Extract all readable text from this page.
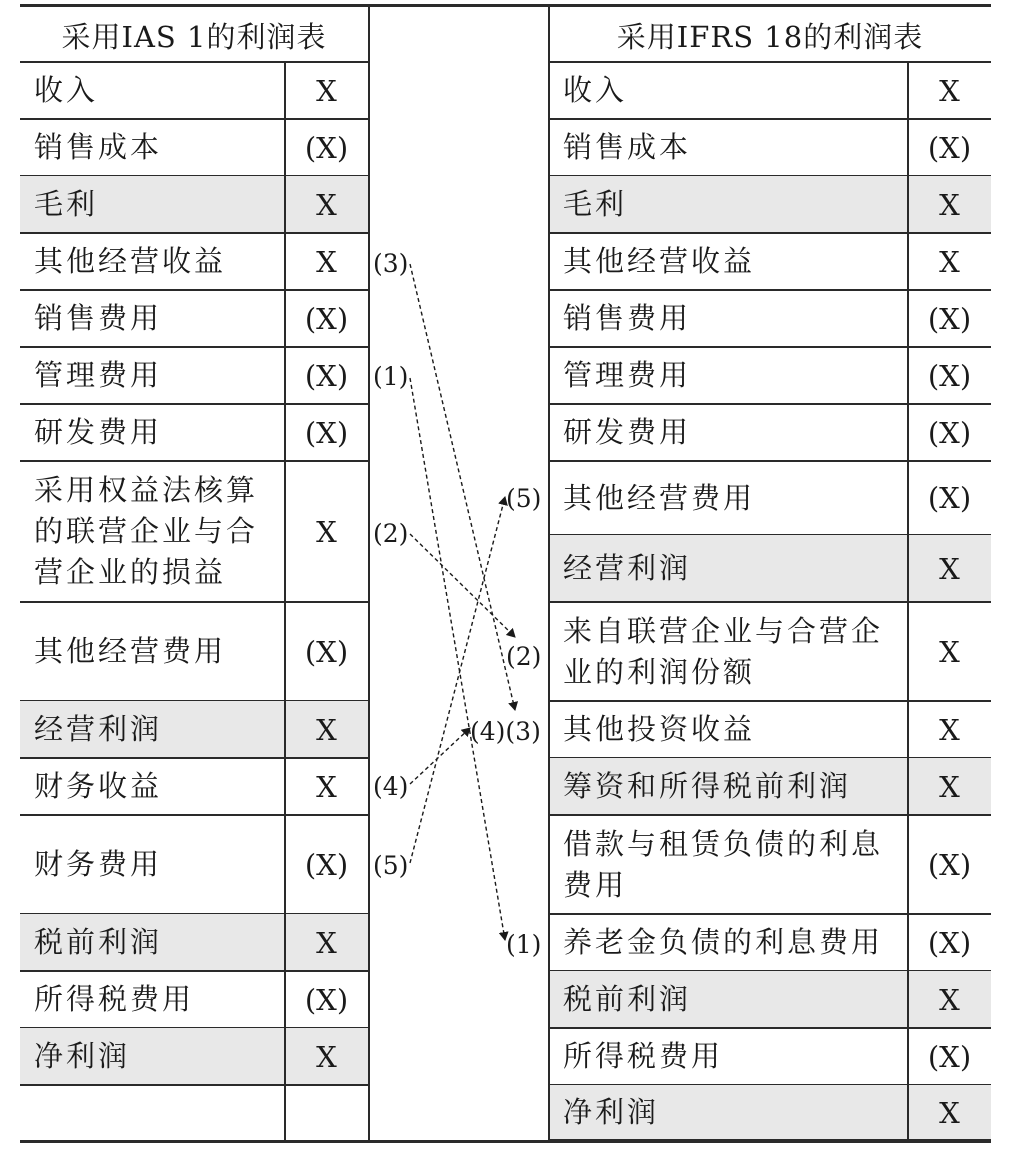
采用IAS 1的利润表
收入	X
销售成本	(X)
毛利	X
其他经营收益	X
销售费用	(X)
管理费用	(X)
研发费用	(X)
采用权益法核算
的联营企业与合
营企业的损益
X
其他经营费用	(X)
经营利润	X
财务收益	X
财务费用	(X)
税前利润	X
所得税费用	(X)
净利润	X
采用IFRS 18的利润表
收入	X
销售成本	(X)
毛利	X
其他经营收益	X
销售费用	(X)
管理费用	(X)
研发费用	(X)
其他经营费用	(X)
经营利润	X
来自联营企业与合营企
业的利润份额
X
其他投资收益	X
筹资和所得税前利润	X
借款与租赁负债的利息
费用
(X)
养老金负债的利息费用	(X)
税前利润	X
所得税费用	(X)
净利润	X
(3)
(1)
(2)
(4)
(5)
(5)
(2)
(4)(3)
(1)
